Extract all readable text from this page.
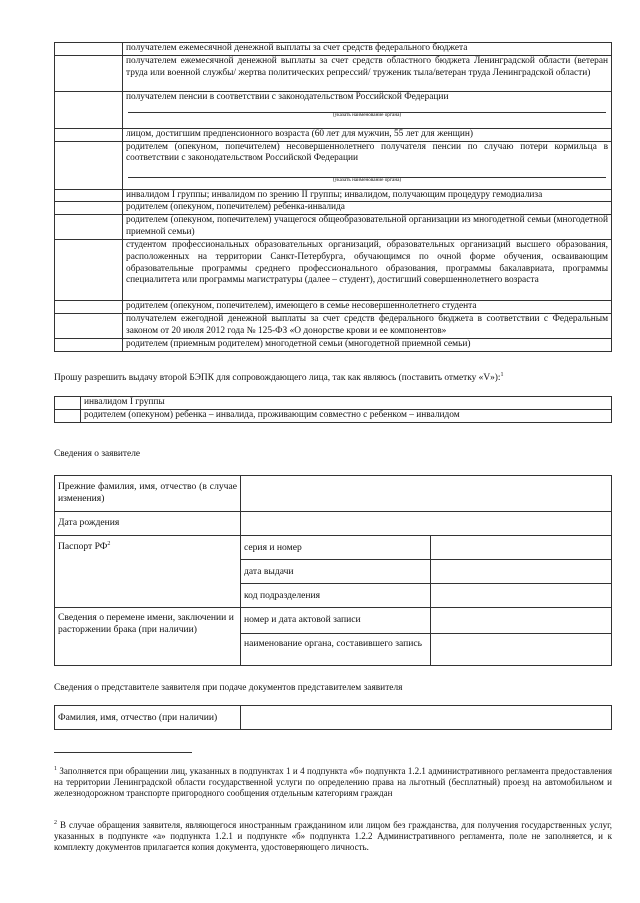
	получателем ежемесячной денежной выплаты за счет средств федерального бюджета
	получателем ежемесячной денежной выплаты за счет средств областного бюджета Ленинградской области (ветеран труда или военной службы/ жертва политических репрессий/ труженик тыла/ветеран труда Ленинградской области)

	получателем пенсии в соответствии с законодательством Российской Федерации
(указать наименование органа)

	лицом, достигшим предпенсионного возраста (60 лет для мужчин, 55 лет для женщин)

	родителем (опекуном, попечителем) несовершеннолетнего получателя пенсии по случаю потери кормильца в соответствии с законодательством Российской Федерации
(указать наименование органа)

	инвалидом I группы; инвалидом по зрению II группы; инвалидом, получающим процедуру гемодиализа
	родителем (опекуном, попечителем) ребенка-инвалида
	родителем (опекуном, попечителем) учащегося общеобразовательной организации из многодетной семьи (многодетной приемной семьи)
	студентом профессиональных образовательных организаций, образовательных организаций высшего образования, расположенных на территории Санкт-Петербурга, обучающимся по очной форме обучения, осваивающим образовательные программы среднего профессионального образования, программы бакалавриата, программы специалитета или программы магистратуры (далее – студент), достигший совершеннолетнего возраста
	родителем (опекуном, попечителем), имеющего в семье несовершеннолетнего студента
	получателем ежегодной денежной выплаты за счет средств федерального бюджета в соответствии с Федеральным законом от 20 июля 2012 года № 125-ФЗ «О донорстве крови и ее компонентов»
	родителем (приемным родителем) многодетной семьи (многодетной приемной семьи)
Прошу разрешить выдачу второй БЭПК для сопровождающего лица, так как являюсь (поставить отметку «V»):$^1$
	инвалидом I группы
	родителем (опекуном) ребенка – инвалида, проживающим совместно с ребенком – инвалидом
Сведения о заявителе
Прежние фамилия, имя, отчество (в случае изменения)		

Дата рождения		
Паспорт $РФ^2$	серия и номер	
	дата выдачи	
	код подразделения	
Сведения о перемене имени, заключении и расторжении брака (при наличии)	номер и дата актовой записи	
	наименование органа, составившего запись	
Сведения о представителе заявителя при подаче документов представителем заявителя
Фамилия, имя, отчество (при наличии)	
$^1$ Заполняется при обращении лиц, указанных в подпунктах 1 и 4 подпункта «б» подпункта 1.2.1 административного регламента предоставления на территории Ленинградской области государственной услуги по определению права на льготный (бесплатный) проезд на автомобильном и железнодорожном транспорте пригородного сообщения отдельным категориям граждан
$^2$ В случае обращения заявителя, являющегося иностранным гражданином или лицом без гражданства, для получения государственных услуг, указанных в подпункте «а» подпункта 1.2.1 и подпункте «б» подпункта 1.2.2 Административного регламента, поле не заполняется, и к комплекту документов прилагается копия документа, удостоверяющего личность.
